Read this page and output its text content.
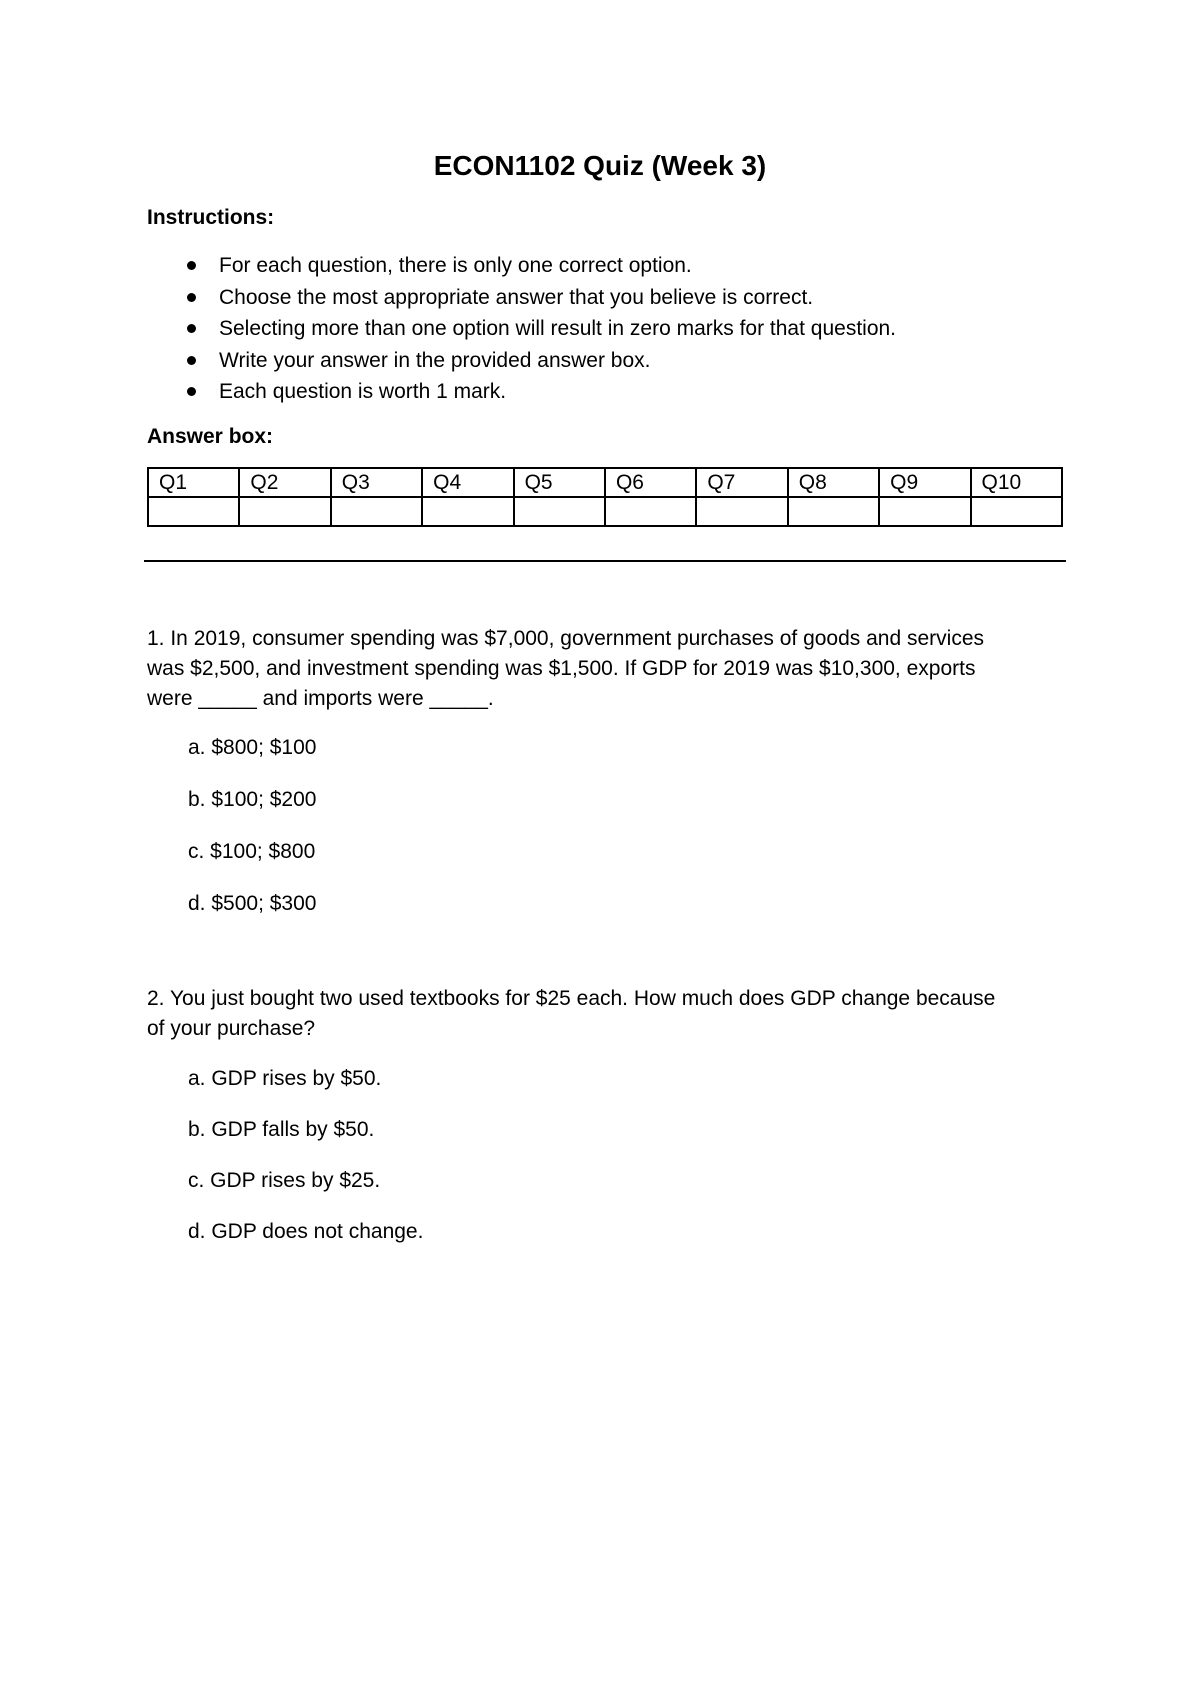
ECON1102 Quiz (Week 3)

Instructions:

For each question, there is only one correct option.
Choose the most appropriate answer that you believe is correct.
Selecting more than one option will result in zero marks for that question.
Write your answer in the provided answer box.
Each question is worth 1 mark.

Answer box:

Q1	Q2	Q3	Q4	Q5	Q6	Q7	Q8	Q9	Q10

1. In 2019, consumer spending was $7,000, government purchases of goods and services was $2,500, and investment spending was $1,500. If GDP for 2019 was $10,300, exports were _____ and imports were _____.

a. $800; $100
b. $100; $200
c. $100; $800
d. $500; $300

2. You just bought two used textbooks for $25 each. How much does GDP change because of your purchase?

a. GDP rises by $50.
b. GDP falls by $50.
c. GDP rises by $25.
d. GDP does not change.
